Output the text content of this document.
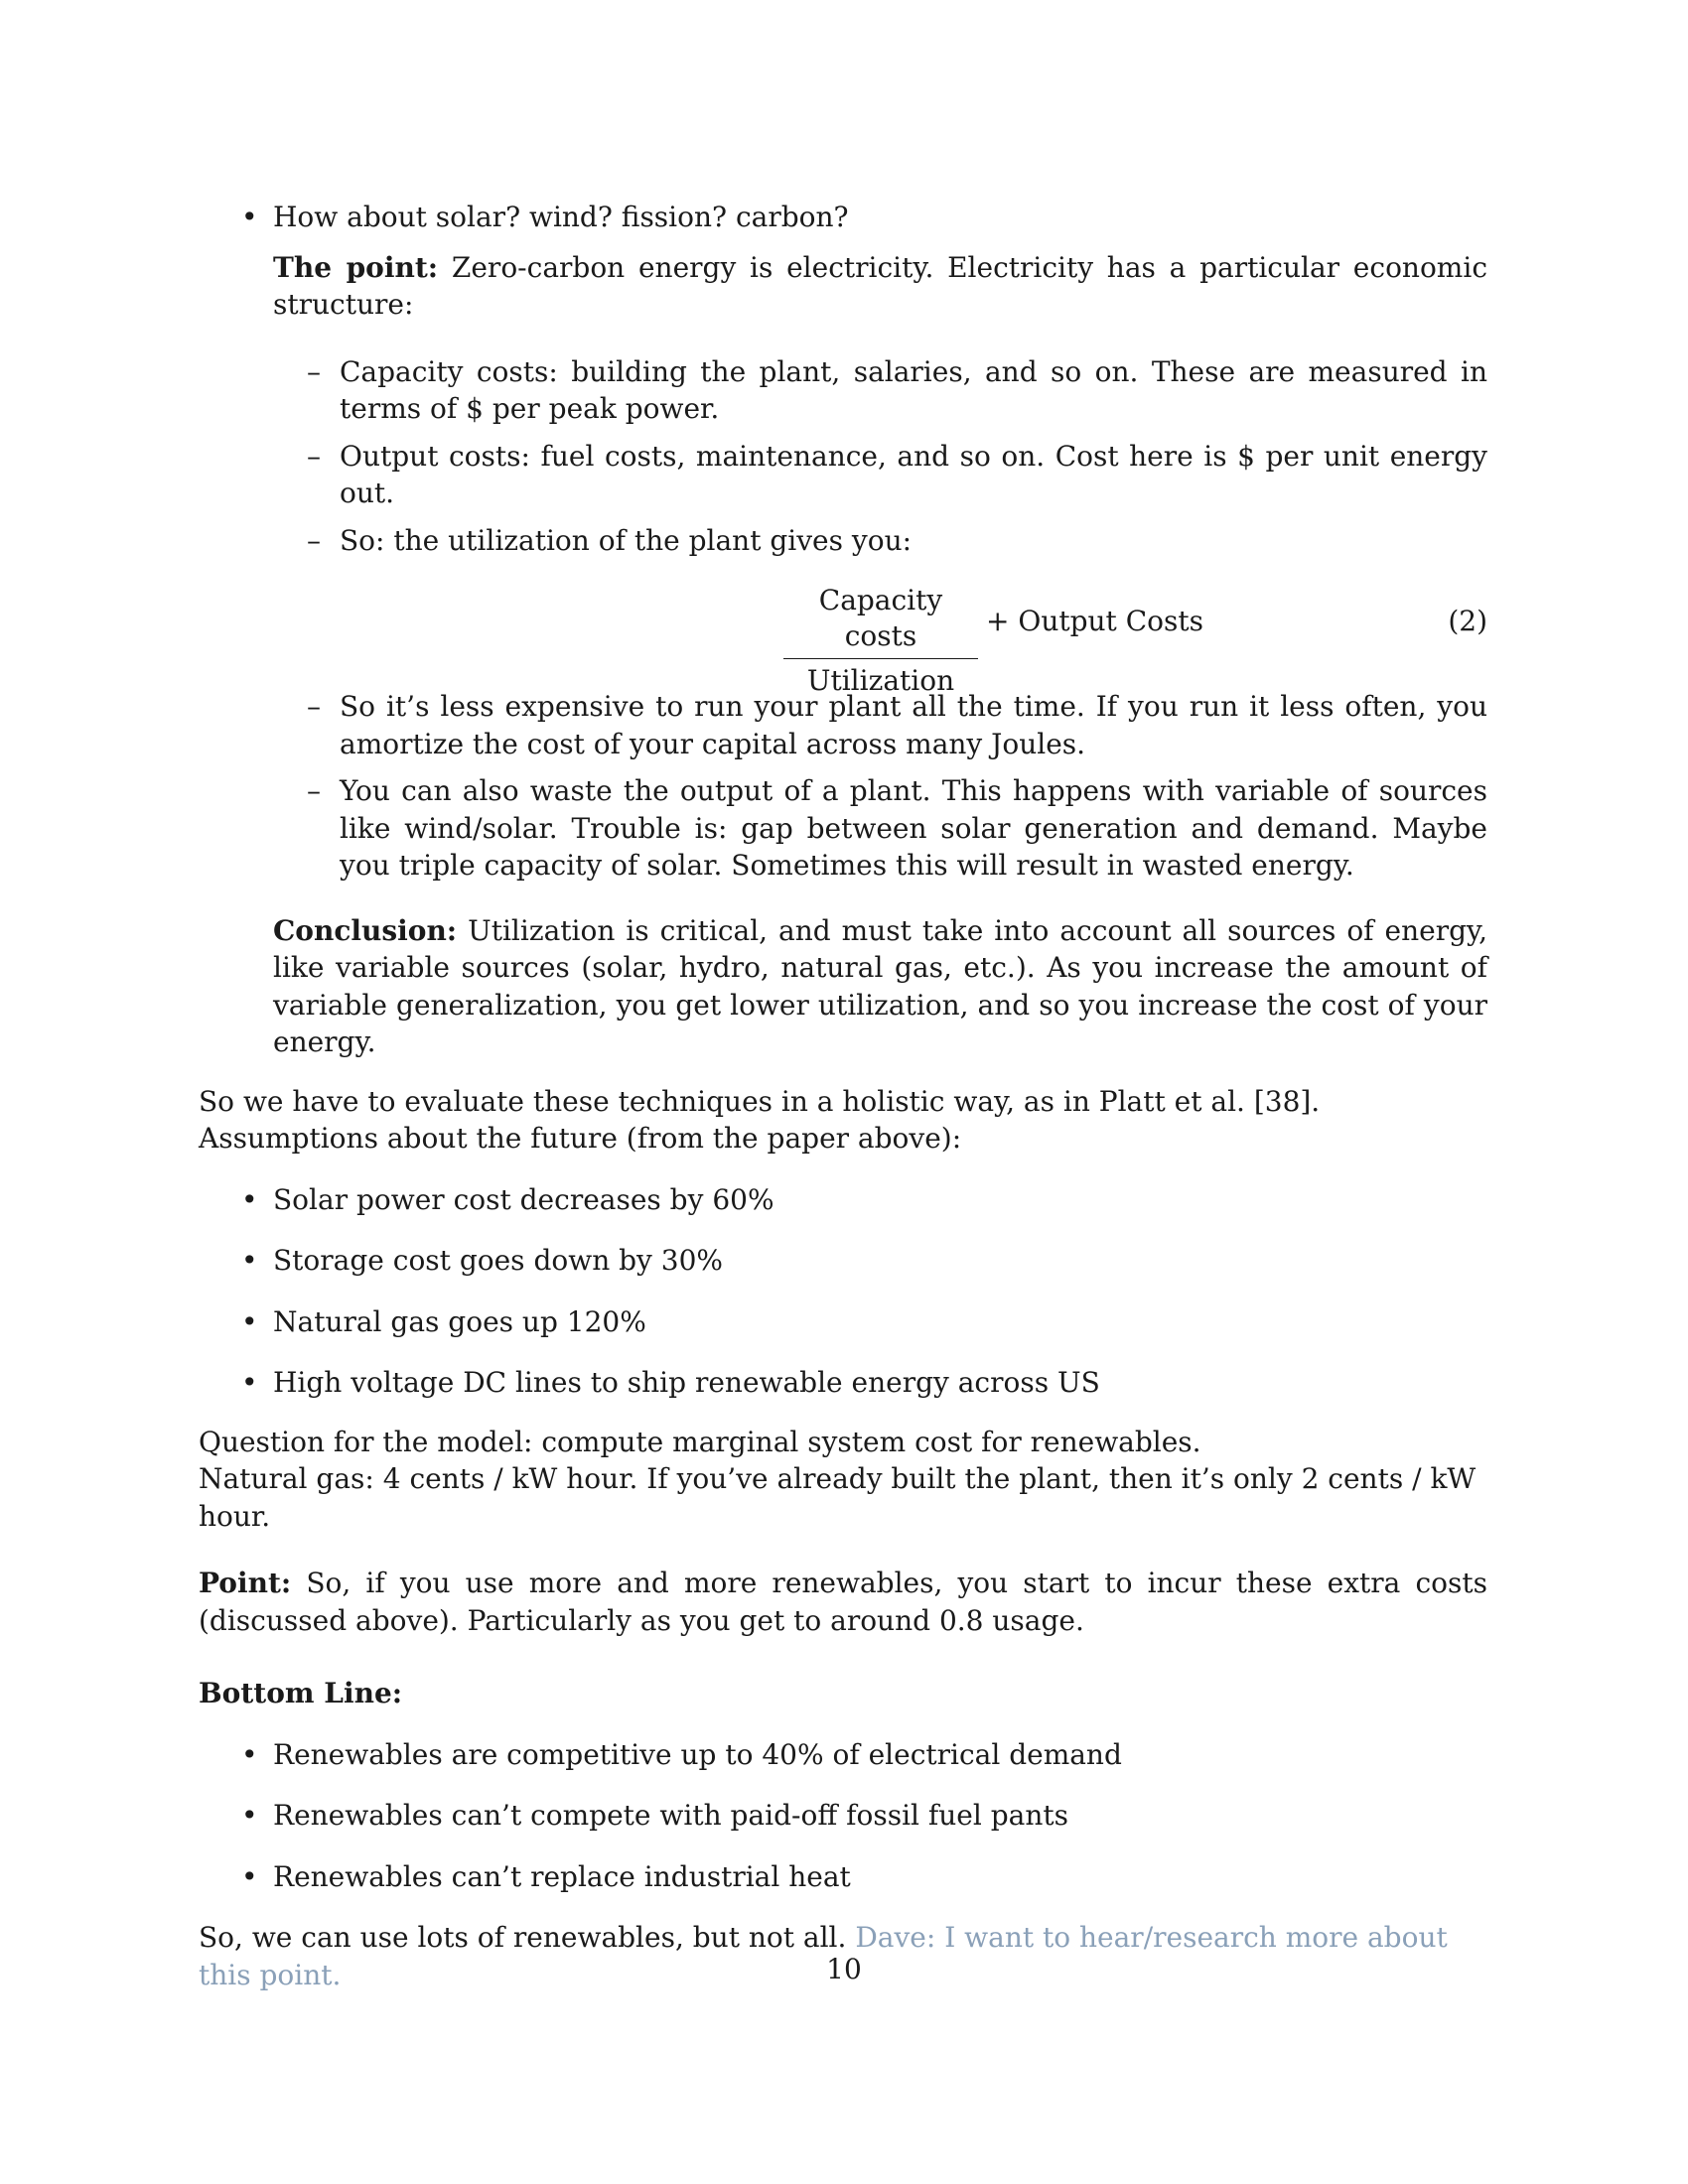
• How about solar? wind? fission? carbon?

The point: Zero-carbon energy is electricity. Electricity has a particular economic structure:

– Capacity costs: building the plant, salaries, and so on. These are measured in terms of $ per peak power.
– Output costs: fuel costs, maintenance, and so on. Cost here is $ per unit energy out.
– So: the utilization of the plant gives you:
Capacity costs
Utilization
+ Output Costs	(2)
– So it’s less expensive to run your plant all the time. If you run it less often, you amortize the cost of your capital across many Joules.
– You can also waste the output of a plant. This happens with variable of sources like wind/solar. Trouble is: gap between solar generation and demand. Maybe you triple capacity of solar. Sometimes this will result in wasted energy.

Conclusion: Utilization is critical, and must take into account all sources of energy, like variable sources (solar, hydro, natural gas, etc.). As you increase the amount of variable generalization, you get lower utilization, and so you increase the cost of your energy.

So we have to evaluate these techniques in a holistic way, as in Platt et al. [38].
Assumptions about the future (from the paper above):

• Solar power cost decreases by 60%
• Storage cost goes down by 30%
• Natural gas goes up 120%
• High voltage DC lines to ship renewable energy across US

Question for the model: compute marginal system cost for renewables.
Natural gas: 4 cents / kW hour. If you’ve already built the plant, then it’s only 2 cents / kW hour.

Point: So, if you use more and more renewables, you start to incur these extra costs (discussed above). Particularly as you get to around 0.8 usage.

Bottom Line:

• Renewables are competitive up to 40% of electrical demand
• Renewables can’t compete with paid-off fossil fuel pants
• Renewables can’t replace industrial heat

So, we can use lots of renewables, but not all. Dave: I want to hear/research more about this point.	10
